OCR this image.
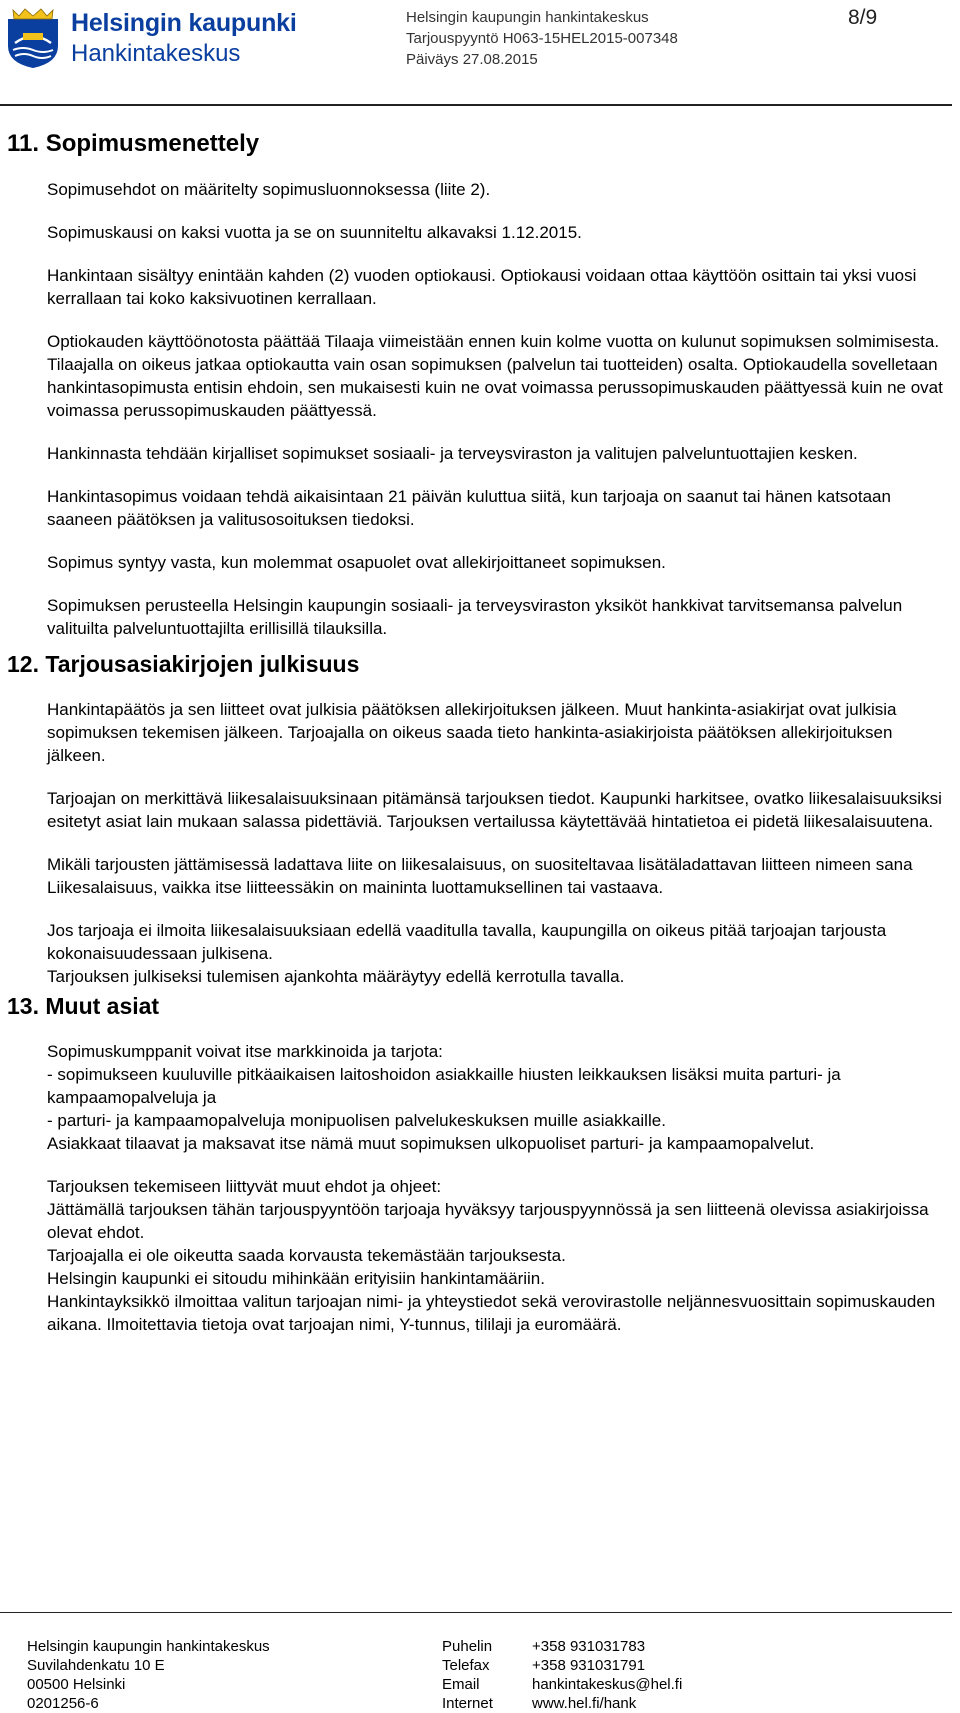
Helsingin kaupunki
Hankintakeskus
Helsingin kaupungin hankintakeskus
Tarjouspyyntö H063-15HEL2015-007348
Päiväys 27.08.2015
8/9
11. Sopimusmenettely

Sopimusehdot on määritelty sopimusluonnoksessa (liite 2).

Sopimuskausi on kaksi vuotta ja se on suunniteltu alkavaksi 1.12.2015.

Hankintaan sisältyy enintään kahden (2) vuoden optiokausi. Optiokausi voidaan ottaa käyttöön osittain tai yksi vuosi kerrallaan tai koko kaksivuotinen kerrallaan.

Optiokauden käyttöönotosta päättää Tilaaja viimeistään ennen kuin kolme vuotta on kulunut sopimuksen solmimisesta. Tilaajalla on oikeus jatkaa optiokautta vain osan sopimuksen (palvelun tai tuotteiden) osalta. Optiokaudella sovelletaan hankintasopimusta entisin ehdoin, sen mukaisesti kuin ne ovat voimassa perussopimuskauden päättyessä kuin ne ovat voimassa perussopimuskauden päättyessä.

Hankinnasta tehdään kirjalliset sopimukset sosiaali- ja terveysviraston ja valitujen palveluntuottajien kesken.

Hankintasopimus voidaan tehdä aikaisintaan 21 päivän kuluttua siitä, kun tarjoaja on saanut tai hänen katsotaan saaneen päätöksen ja valitusosoituksen tiedoksi.

Sopimus syntyy vasta, kun molemmat osapuolet ovat allekirjoittaneet sopimuksen.

Sopimuksen perusteella Helsingin kaupungin sosiaali- ja terveysviraston yksiköt hankkivat tarvitsemansa palvelun valituilta palveluntuottajilta erillisillä tilauksilla.

12. Tarjousasiakirjojen julkisuus

Hankintapäätös ja sen liitteet ovat julkisia päätöksen allekirjoituksen jälkeen. Muut hankinta-asiakirjat ovat julkisia sopimuksen tekemisen jälkeen. Tarjoajalla on oikeus saada tieto hankinta-asiakirjoista päätöksen allekirjoituksen jälkeen.

Tarjoajan on merkittävä liikesalaisuuksinaan pitämänsä tarjouksen tiedot. Kaupunki harkitsee, ovatko liikesalaisuuksiksi esitetyt asiat lain mukaan salassa pidettäviä. Tarjouksen vertailussa käytettävää hintatietoa ei pidetä liikesalaisuutena.

Mikäli tarjousten jättämisessä ladattava liite on liikesalaisuus, on suositeltavaa lisätäladattavan liitteen nimeen sana Liikesalaisuus, vaikka itse liitteessäkin on maininta luottamuksellinen tai vastaava.

Jos tarjoaja ei ilmoita liikesalaisuuksiaan edellä vaaditulla tavalla, kaupungilla on oikeus pitää tarjoajan tarjousta kokonaisuudessaan julkisena.

Tarjouksen julkiseksi tulemisen ajankohta määräytyy edellä kerrotulla tavalla.

13. Muut asiat

Sopimuskumppanit voivat itse markkinoida ja tarjota:

- sopimukseen kuuluville pitkäaikaisen laitoshoidon asiakkaille hiusten leikkauksen lisäksi muita parturi- ja kampaamopalveluja ja

- parturi- ja kampaamopalveluja monipuolisen palvelukeskuksen muille asiakkaille.

Asiakkaat tilaavat ja maksavat itse nämä muut sopimuksen ulkopuoliset parturi- ja kampaamopalvelut.

Tarjouksen tekemiseen liittyvät muut ehdot ja ohjeet:

Jättämällä tarjouksen tähän tarjouspyyntöön tarjoaja hyväksyy tarjouspyynnössä ja sen liitteenä olevissa asiakirjoissa olevat ehdot.

Tarjoajalla ei ole oikeutta saada korvausta tekemästään tarjouksesta.

Helsingin kaupunki ei sitoudu mihinkään erityisiin hankintamääriin.

Hankintayksikkö ilmoittaa valitun tarjoajan nimi- ja yhteystiedot sekä verovirastolle neljännesvuosittain sopimuskauden aikana. Ilmoitettavia tietoja ovat tarjoajan nimi, Y-tunnus, tililaji ja euromäärä.

Helsingin kaupungin hankintakeskus
Suvilahdenkatu 10 E
00500 Helsinki
0201256-6
Puhelin
Telefax
Email
Internet
+358 931031783
+358 931031791
hankintakeskus@hel.fi
www.hel.fi/hank
